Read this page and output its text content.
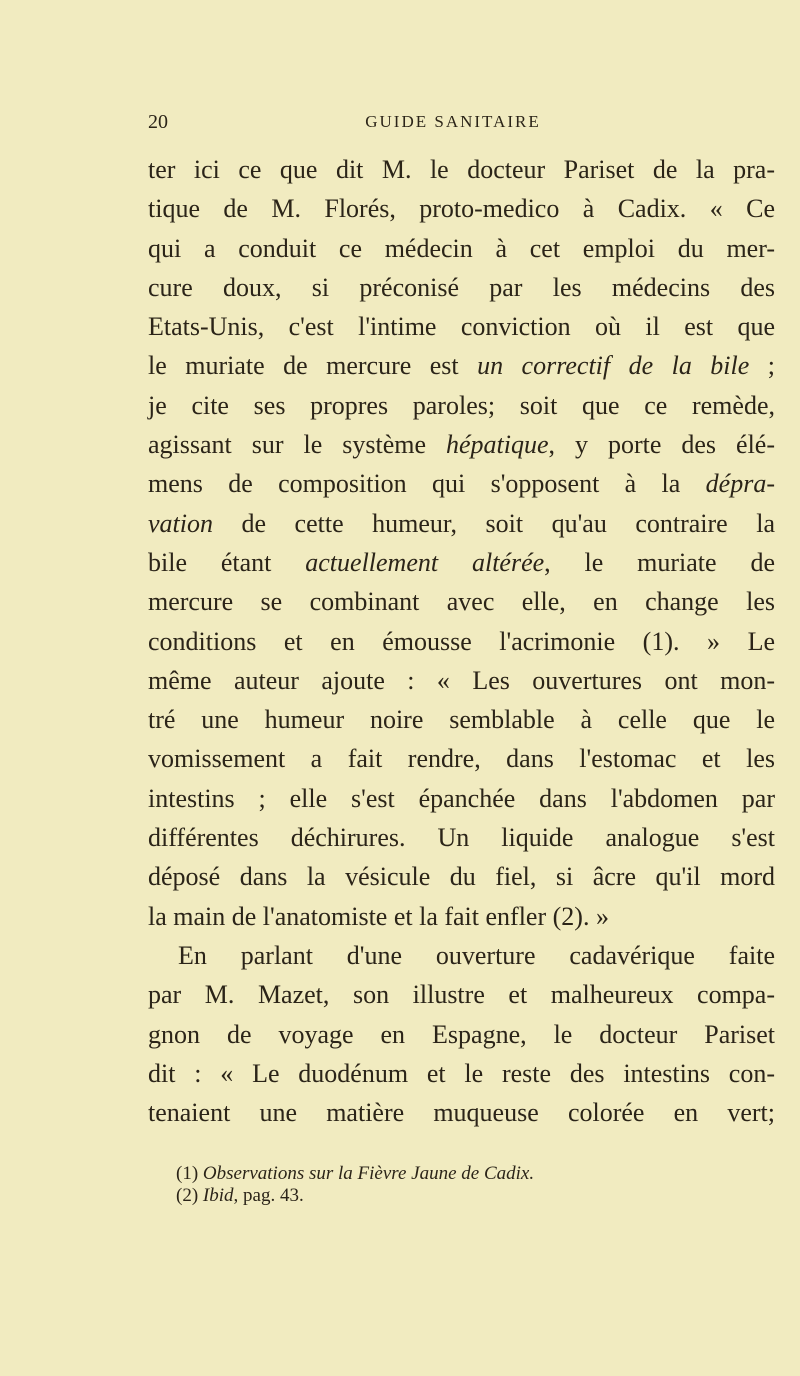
20	GUIDE SANITAIRE
ter ici ce que dit M. le docteur Pariset de la pra-
tique de M. Florés, proto-medico à Cadix. « Ce
qui a conduit ce médecin à cet emploi du mer-
cure doux, si préconisé par les médecins des
Etats-Unis, c'est l'intime conviction où il est que
le muriate de mercure est un correctif de la bile ;
je cite ses propres paroles; soit que ce remède,
agissant sur le système hépatique, y porte des élé-
mens de composition qui s'opposent à la dépra-
vation de cette humeur, soit qu'au contraire la
bile étant actuellement altérée, le muriate de
mercure se combinant avec elle, en change les
conditions et en émousse l'acrimonie (1). » Le
même auteur ajoute : « Les ouvertures ont mon-
tré une humeur noire semblable à celle que le
vomissement a fait rendre, dans l'estomac et les
intestins ; elle s'est épanchée dans l'abdomen par
différentes déchirures. Un liquide analogue s'est
déposé dans la vésicule du fiel, si âcre qu'il mord
la main de l'anatomiste et la fait enfler (2). »
En parlant d'une ouverture cadavérique faite
par M. Mazet, son illustre et malheureux compa-
gnon de voyage en Espagne, le docteur Pariset
dit : « Le duodénum et le reste des intestins con-
tenaient une matière muqueuse colorée en vert;
(1) Observations sur la Fièvre Jaune de Cadix.
(2) Ibid, pag. 43.
